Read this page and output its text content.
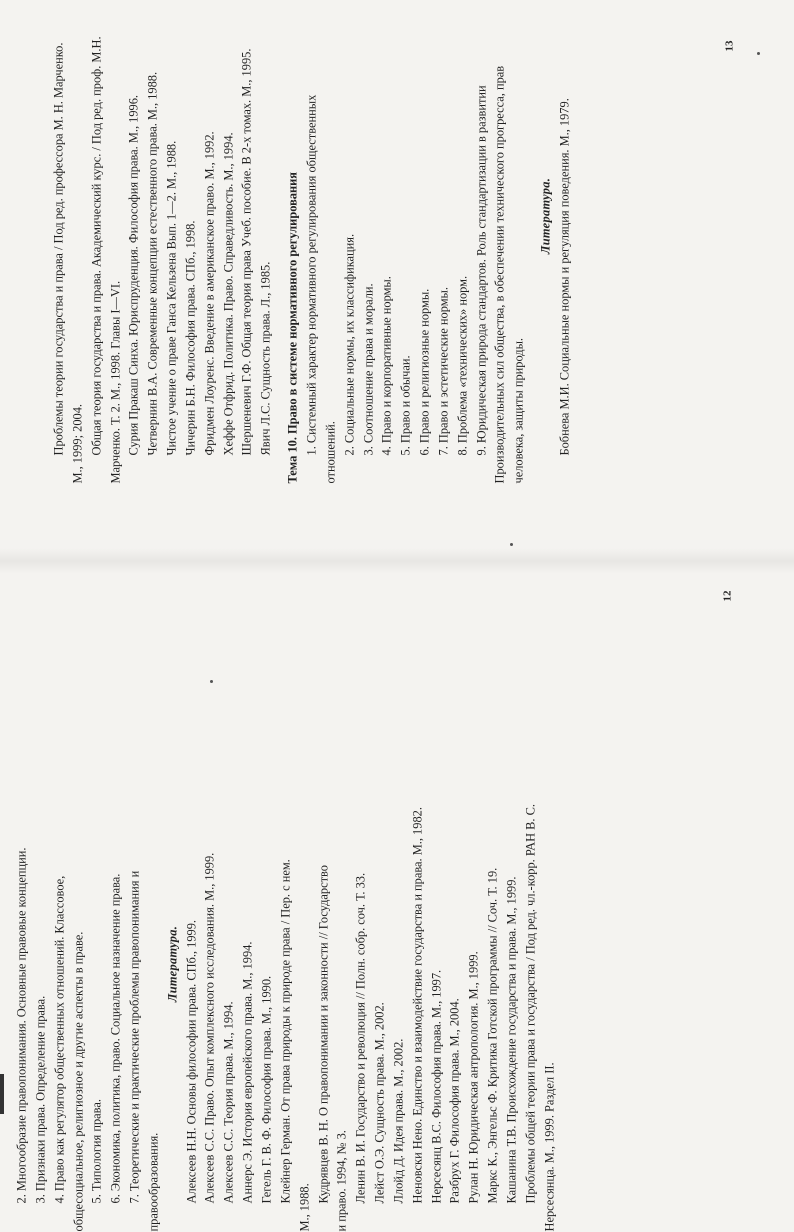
2. Многообразие правопонимания. Основные правовые концепции. 3. Признаки права. Определение права. 4. Право как регулятор общественных отношений. Классовое, общесоциальное, религиозное и другие аспекты в праве. 5. Типология права. 6. Экономика, политика, право. Социальное назначение права. 7. Теоретические и практические проблемы правопонимания и правообразования.
Литература. Алексеев Н.Н. Основы философии права. СПб., 1999. Алексеев С.С. Право. Опыт комплексного исследования. М., 1999. Алексеев С.С. Теория права. М., 1994. Аннерс Э. История европейского права. М., 1994. Гегель Г. В. Ф. Философия права. М., 1990. Клейнер Герман. От права природы к природе права / Пер. с нем.
М., 1988.
Кудрявцев В. Н. О правопонимании и законности // Государство и право. 1994, № 3. Ленин В. И. Государство и революция // Полн. собр. соч. Т. 33. Лейст О.Э. Сущность права. М., 2002. Ллойд Д. Идея права. М., 2002. Неновски Нено. Единство и взаимодействие государства и права. М., 1982. Нерсесянц В.С. Философия права. М., 1997. Разбрух Г. Философия права. М., 2004. Рулан Н. Юридическая антропология. М., 1999. Маркс К., Энгельс Ф. Критика Готской программы // Соч. Т. 19. Кашанина Т.В. Происхождение государства и права. М., 1999. Проблемы общей теории права и государства / Под ред. чл.-корр. РАН В. С. Нерсесянца. М., 1999. Раздел II.
Проблемы теории государства и права / Под ред. профессора М. Н. Марченко. М., 1999; 2004. Общая теория государства и права. Академический курс. / Под ред. проф. М.Н. Марченко. Т. 2. М., 1998. Главы I—VI. Сурия Пракаш Синха. Юриспруденция. Философия права. М., 1996. Четвернин В.А. Современные концепции естественного права. М., 1988. Чистое учение о праве Ганса Кельзена Вып. 1—2. М., 1988. Чичерин Б.Н. Философия права. СПб., 1998. Фридмен Лоуренс. Введение в американское право. М., 1992. Хеффе Отфрид. Политика. Право. Справедливость. М., 1994. Шершеневич Г.Ф. Общая теория права Учеб. пособие. В 2-х томах. М., 1995. Явич Л.С. Сущность права. Л., 1985. Тема 10. Право в системе нормативного регулирования 1. Системный характер нормативного регулирования общественных отношений. 2. Социальные нормы, их классификация. 3. Соотношение права и морали. 4. Право и корпоративные нормы. 5. Право и обычаи. 6. Право и религиозные нормы. 7. Право и эстетические нормы. 8. Проблема «технических» норм. 9. Юридическая природа стандартов. Роль стандартизации в развитии Производительных сил общества, в обеспечении технического прогресса, прав человека, защиты природы.
Литература. Бобнева М.И. Социальные нормы и регуляция поведения. М., 1979.
12
13
